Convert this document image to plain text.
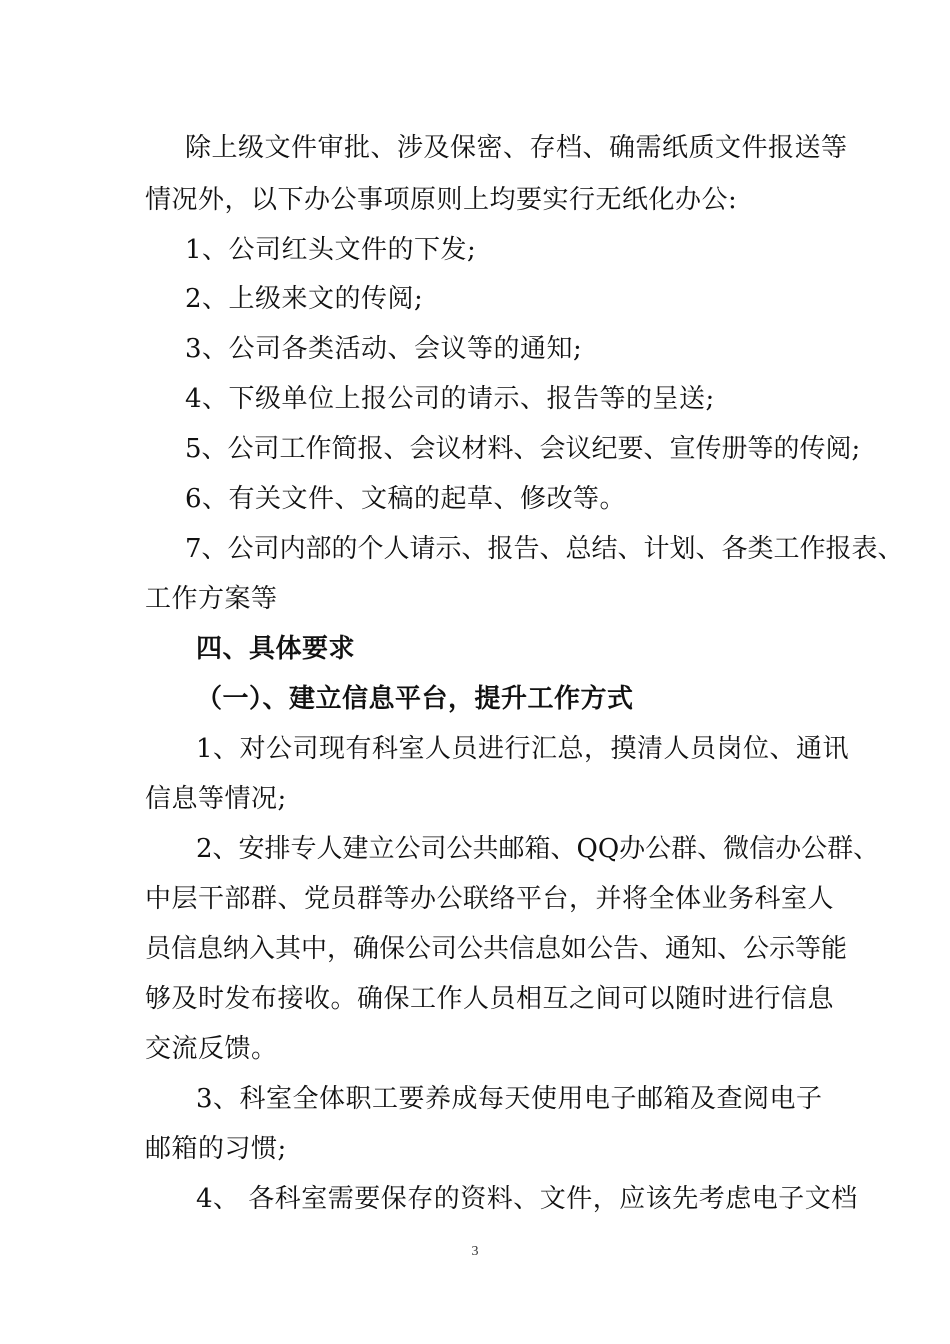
除上级文件审批、涉及保密、存档、确需纸质文件报送等
情况外，以下办公事项原则上均要实行无纸化办公:
1、公司红头文件的下发;
2、上级来文的传阅;
3、公司各类活动、会议等的通知;
4、下级单位上报公司的请示、报告等的呈送;
5、公司工作简报、会议材料、会议纪要、宣传册等的传阅;
6、有关文件、文稿的起草、修改等。
7、公司内部的个人请示、报告、总结、计划、各类工作报表、
工作方案等
四、具体要求
（一）、建立信息平台，提升工作方式
1、对公司现有科室人员进行汇总，摸清人员岗位、通讯
信息等情况;
2、安排专人建立公司公共邮箱、QQ办公群、微信办公群、
中层干部群、党员群等办公联络平台，并将全体业务科室人
员信息纳入其中，确保公司公共信息如公告、通知、公示等能
够及时发布接收。确保工作人员相互之间可以随时进行信息
交流反馈。
3、科室全体职工要养成每天使用电子邮箱及查阅电子
邮箱的习惯;
4、 各科室需要保存的资料、文件，应该先考虑电子文档
3
